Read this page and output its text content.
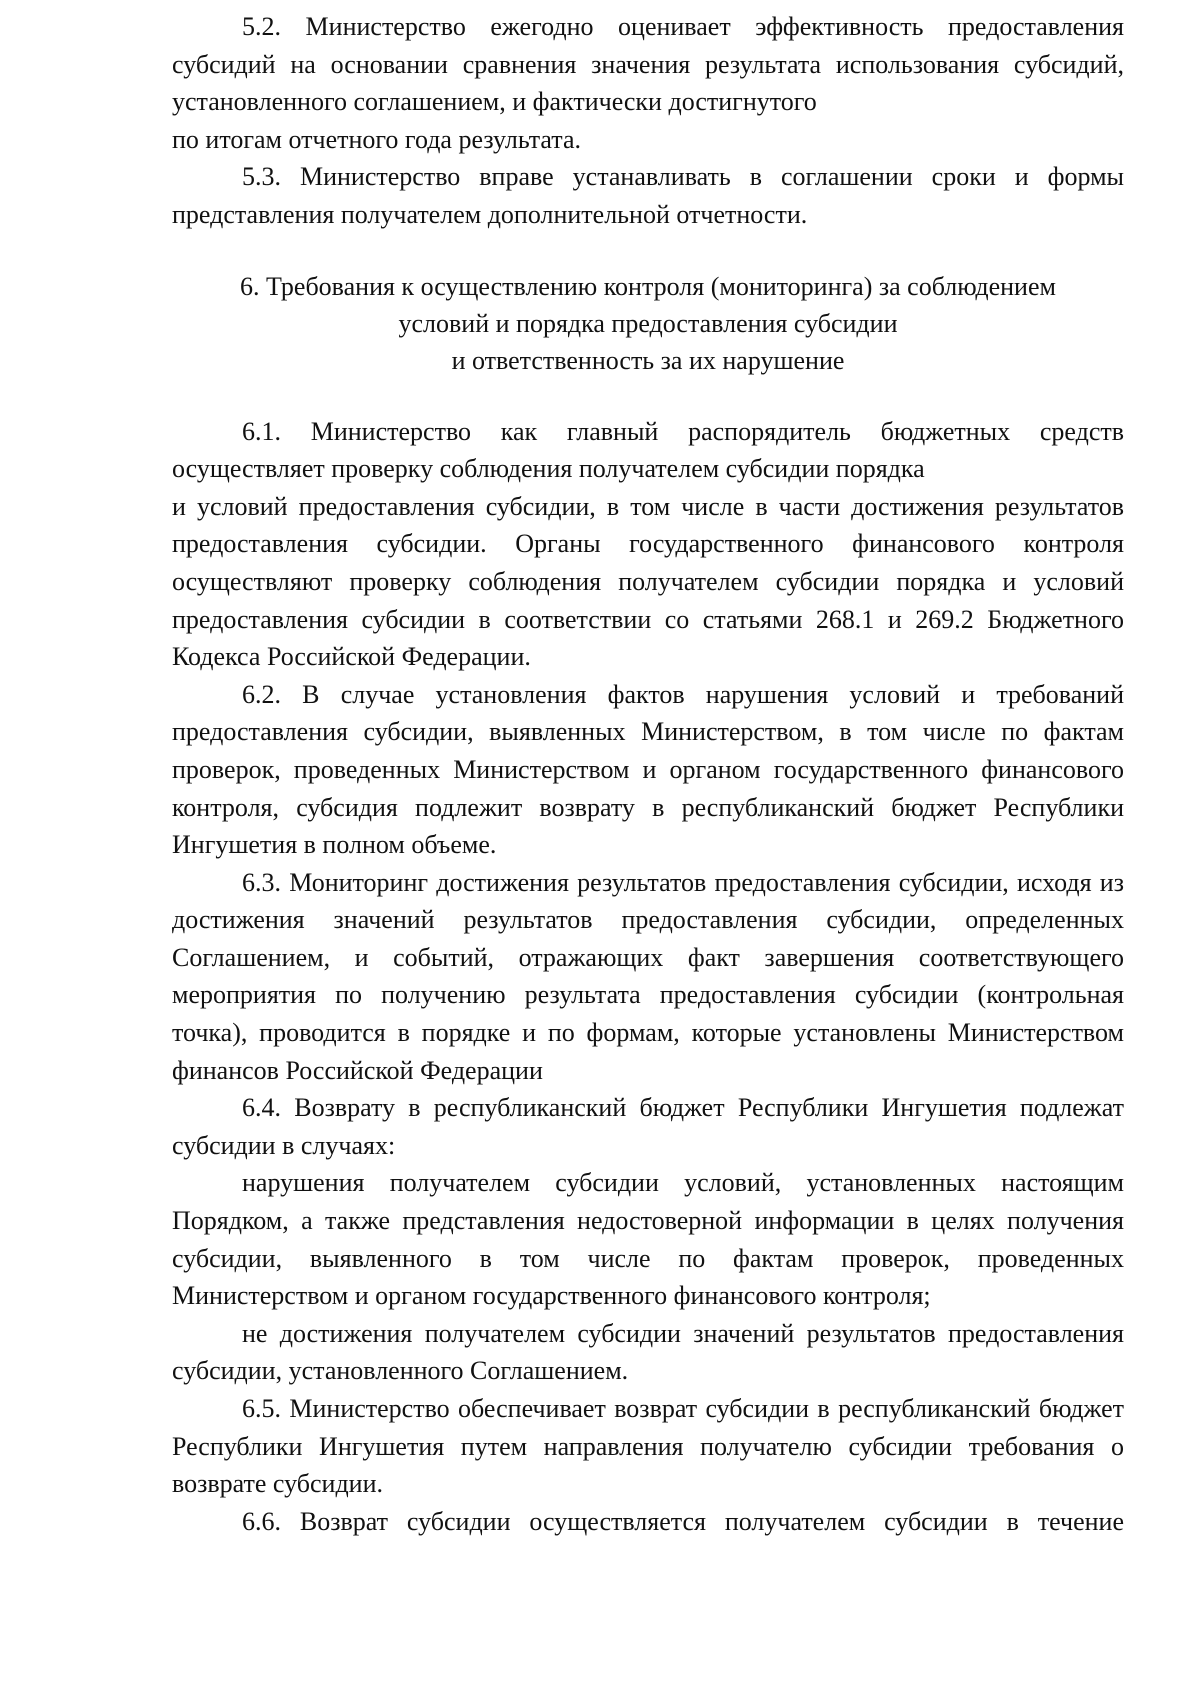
5.2. Министерство ежегодно оценивает эффективность предоставления субсидий на основании сравнения значения результата использования субсидий, установленного соглашением, и фактически достигнутого

по итогам отчетного года результата.

5.3. Министерство вправе устанавливать в соглашении сроки и формы представления получателем дополнительной отчетности.

6. Требования к осуществлению контроля (мониторинга) за соблюдением
условий и порядка предоставления субсидии
и ответственность за их нарушение

6.1. Министерство как главный распорядитель бюджетных средств осуществляет проверку соблюдения получателем субсидии порядка

и условий предоставления субсидии, в том числе в части достижения результатов предоставления субсидии. Органы государственного финансового контроля осуществляют проверку соблюдения получателем субсидии порядка и условий предоставления субсидии в соответствии со статьями 268.1 и 269.2 Бюджетного Кодекса Российской Федерации.

6.2. В случае установления фактов нарушения условий и требований предоставления субсидии, выявленных Министерством, в том числе по фактам проверок, проведенных Министерством и органом государственного финансового контроля, субсидия подлежит возврату в республиканский бюджет Республики Ингушетия в полном объеме.

6.3. Мониторинг достижения результатов предоставления субсидии, исходя из достижения значений результатов предоставления субсидии, определенных Соглашением, и событий, отражающих факт завершения соответствующего мероприятия по получению результата предоставления субсидии (контрольная точка), проводится в порядке и по формам, которые установлены Министерством финансов Российской Федерации

6.4. Возврату в республиканский бюджет Республики Ингушетия подлежат субсидии в случаях:

нарушения получателем субсидии условий, установленных настоящим Порядком, а также представления недостоверной информации в целях получения субсидии, выявленного в том числе по фактам проверок, проведенных Министерством и органом государственного финансового контроля;

не достижения получателем субсидии значений результатов предоставления субсидии, установленного Соглашением.

6.5. Министерство обеспечивает возврат субсидии в республиканский бюджет Республики Ингушетия путем направления получателю субсидии требования о возврате субсидии.

6.6. Возврат субсидии осуществляется получателем субсидии в течение
